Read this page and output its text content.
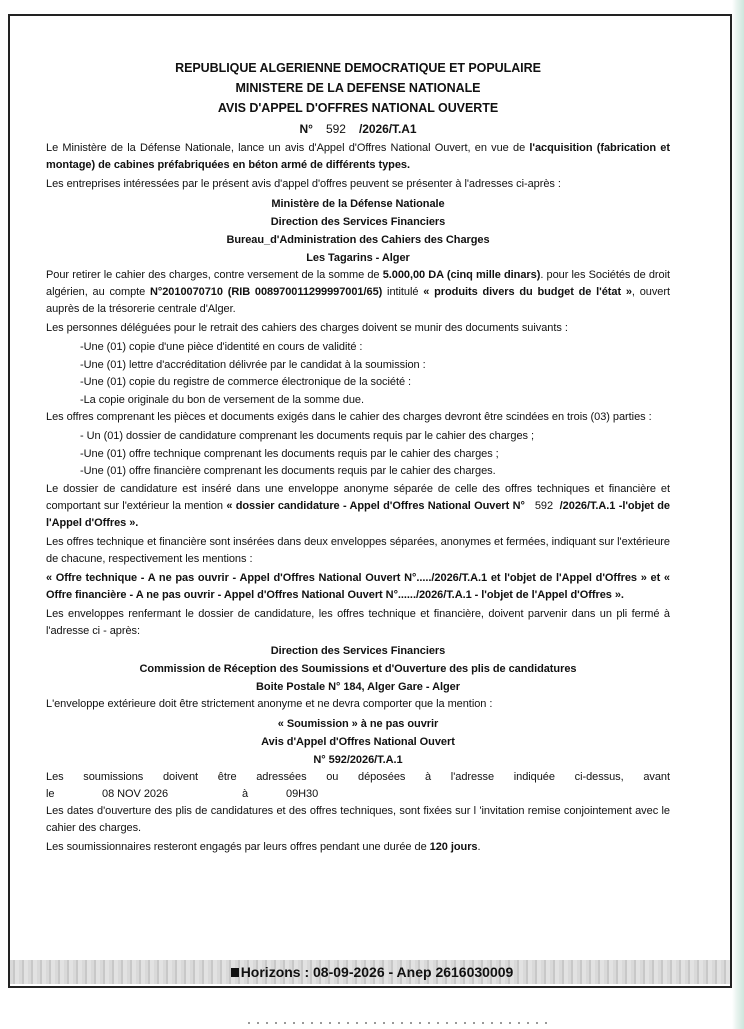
REPUBLIQUE ALGERIENNE DEMOCRATIQUE ET POPULAIRE
MINISTERE DE LA DEFENSE NATIONALE
AVIS D'APPEL D'OFFRES NATIONAL OUVERTE
N° 592 /2026/T.A1

Le Ministère de la Défense Nationale, lance un avis d'Appel d'Offres National Ouvert, en vue de l'acquisition (fabrication et montage) de cabines préfabriquées en béton armé de différents types.

Les entreprises intéressées par le présent avis d'appel d'offres peuvent se présenter à l'adresses ci-après :

Ministère de la Défense Nationale
Direction des Services Financiers
Bureau_d'Administration des Cahiers des Charges
Les Tagarins - Alger

Pour retirer le cahier des charges, contre versement de la somme de 5.000,00 DA (cinq mille dinars). pour les Sociétés de droit algérien, au compte N°2010070710 (RIB 008970011299997001/65) intitulé « produits divers du budget de l'état », ouvert auprès de la trésorerie centrale d'Alger.

Les personnes déléguées pour le retrait des cahiers des charges doivent se munir des documents suivants :

-Une (01) copie d'une pièce d'identité en cours de validité :
-Une (01) lettre d'accréditation délivrée par le candidat à la soumission :
-Une (01) copie du registre de commerce électronique de la société :
-La copie originale du bon de versement de la somme due.

Les offres comprenant les pièces et documents exigés dans le cahier des charges devront être scindées en trois (03) parties :

- Un (01) dossier de candidature comprenant les documents requis par le cahier des charges ;
-Une (01) offre technique comprenant les documents requis par le cahier des charges ;
-Une (01) offre financière comprenant les documents requis par le cahier des charges.

Le dossier de candidature est inséré dans une enveloppe anonyme séparée de celle des offres techniques et financière et comportant sur l'extérieur la mention « dossier candidature - Appel d'Offres National Ouvert N° 592 /2026/T.A.1 -l'objet de l'Appel d'Offres ».

Les offres technique et financière sont insérées dans deux enveloppes séparées, anonymes et fermées, indiquant sur l'extérieure de chacune, respectivement les mentions :

« Offre technique - A ne pas ouvrir - Appel d'Offres National Ouvert N°...../2026/T.A.1 et l'objet de l'Appel d'Offres » et « Offre financière - A ne pas ouvrir - Appel d'Offres National Ouvert N°....../2026/T.A.1 - l'objet de l'Appel d'Offres ».

Les enveloppes renfermant le dossier de candidature, les offres technique et financière, doivent parvenir dans un pli fermé à l'adresse ci - après:

Direction des Services Financiers
Commission de Réception des Soumissions et d'Ouverture des plis de candidatures
Boite Postale N° 184, Alger Gare - Alger

L'enveloppe extérieure doit être strictement anonyme et ne devra comporter que la mention :

« Soumission » à ne pas ouvrir
Avis d'Appel d'Offres National Ouvert
N° 592/2026/T.A.1

Les soumissions doivent être adressées ou déposées à l'adresse indiquée ci-dessus, avant

le	08 NOV 2026	à	09H30

Les dates d'ouverture des plis de candidatures et des offres techniques, sont fixées sur l 'invitation remise conjointement avec le cahier des charges.

Les soumissionnaires resteront engagés par leurs offres pendant une durée de 120 jours.

Horizons : 08-09-2026 - Anep 2616030009
